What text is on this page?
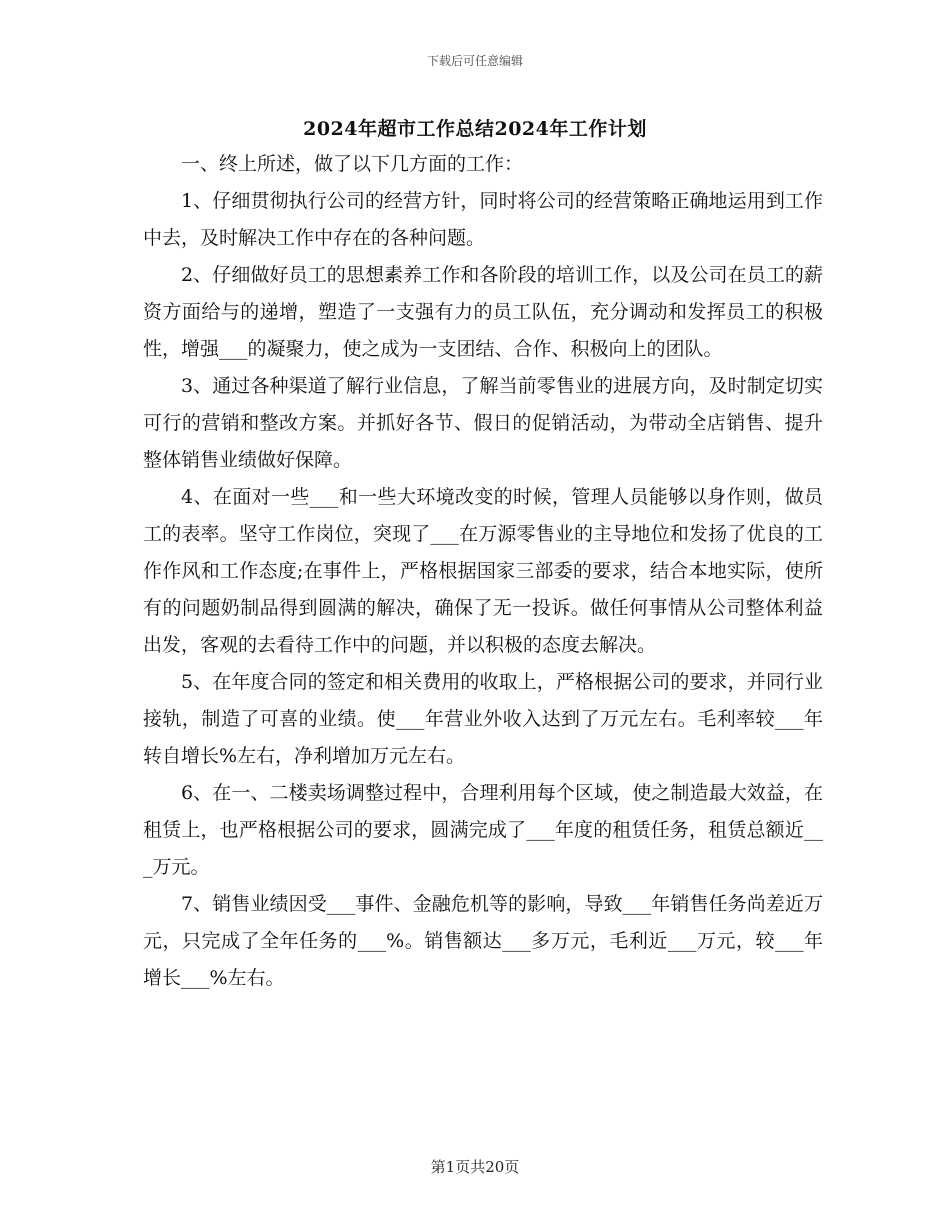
下载后可任意编辑
2024年超市工作总结2024年工作计划

一、终上所述，做了以下几方面的工作：

1、仔细贯彻执行公司的经营方针，同时将公司的经营策略正确地运用到工作中去，及时解决工作中存在的各种问题。

2、仔细做好员工的思想素养工作和各阶段的培训工作，以及公司在员工的薪资方面给与的递增，塑造了一支强有力的员工队伍，充分调动和发挥员工的积极性，增强___的凝聚力，使之成为一支团结、合作、积极向上的团队。

3、通过各种渠道了解行业信息，了解当前零售业的进展方向，及时制定切实可行的营销和整改方案。并抓好各节、假日的促销活动，为带动全店销售、提升整体销售业绩做好保障。

4、在面对一些___和一些大环境改变的时候，管理人员能够以身作则，做员工的表率。坚守工作岗位，突现了___在万源零售业的主导地位和发扬了优良的工作作风和工作态度;在事件上，严格根据国家三部委的要求，结合本地实际，使所有的问题奶制品得到圆满的解决，确保了无一投诉。做任何事情从公司整体利益出发，客观的去看待工作中的问题，并以积极的态度去解决。

5、在年度合同的签定和相关费用的收取上，严格根据公司的要求，并同行业接轨，制造了可喜的业绩。使___年营业外收入达到了万元左右。毛利率较___年转自增长%左右，净利增加万元左右。

6、在一、二楼卖场调整过程中，合理利用每个区域，使之制造最大效益，在租赁上，也严格根据公司的要求，圆满完成了___年度的租赁任务，租赁总额近___万元。

7、销售业绩因受___事件、金融危机等的影响，导致___年销售任务尚差近万元，只完成了全年任务的___%。销售额达___多万元，毛利近___万元，较___年增长___%左右。

第1页共20页
